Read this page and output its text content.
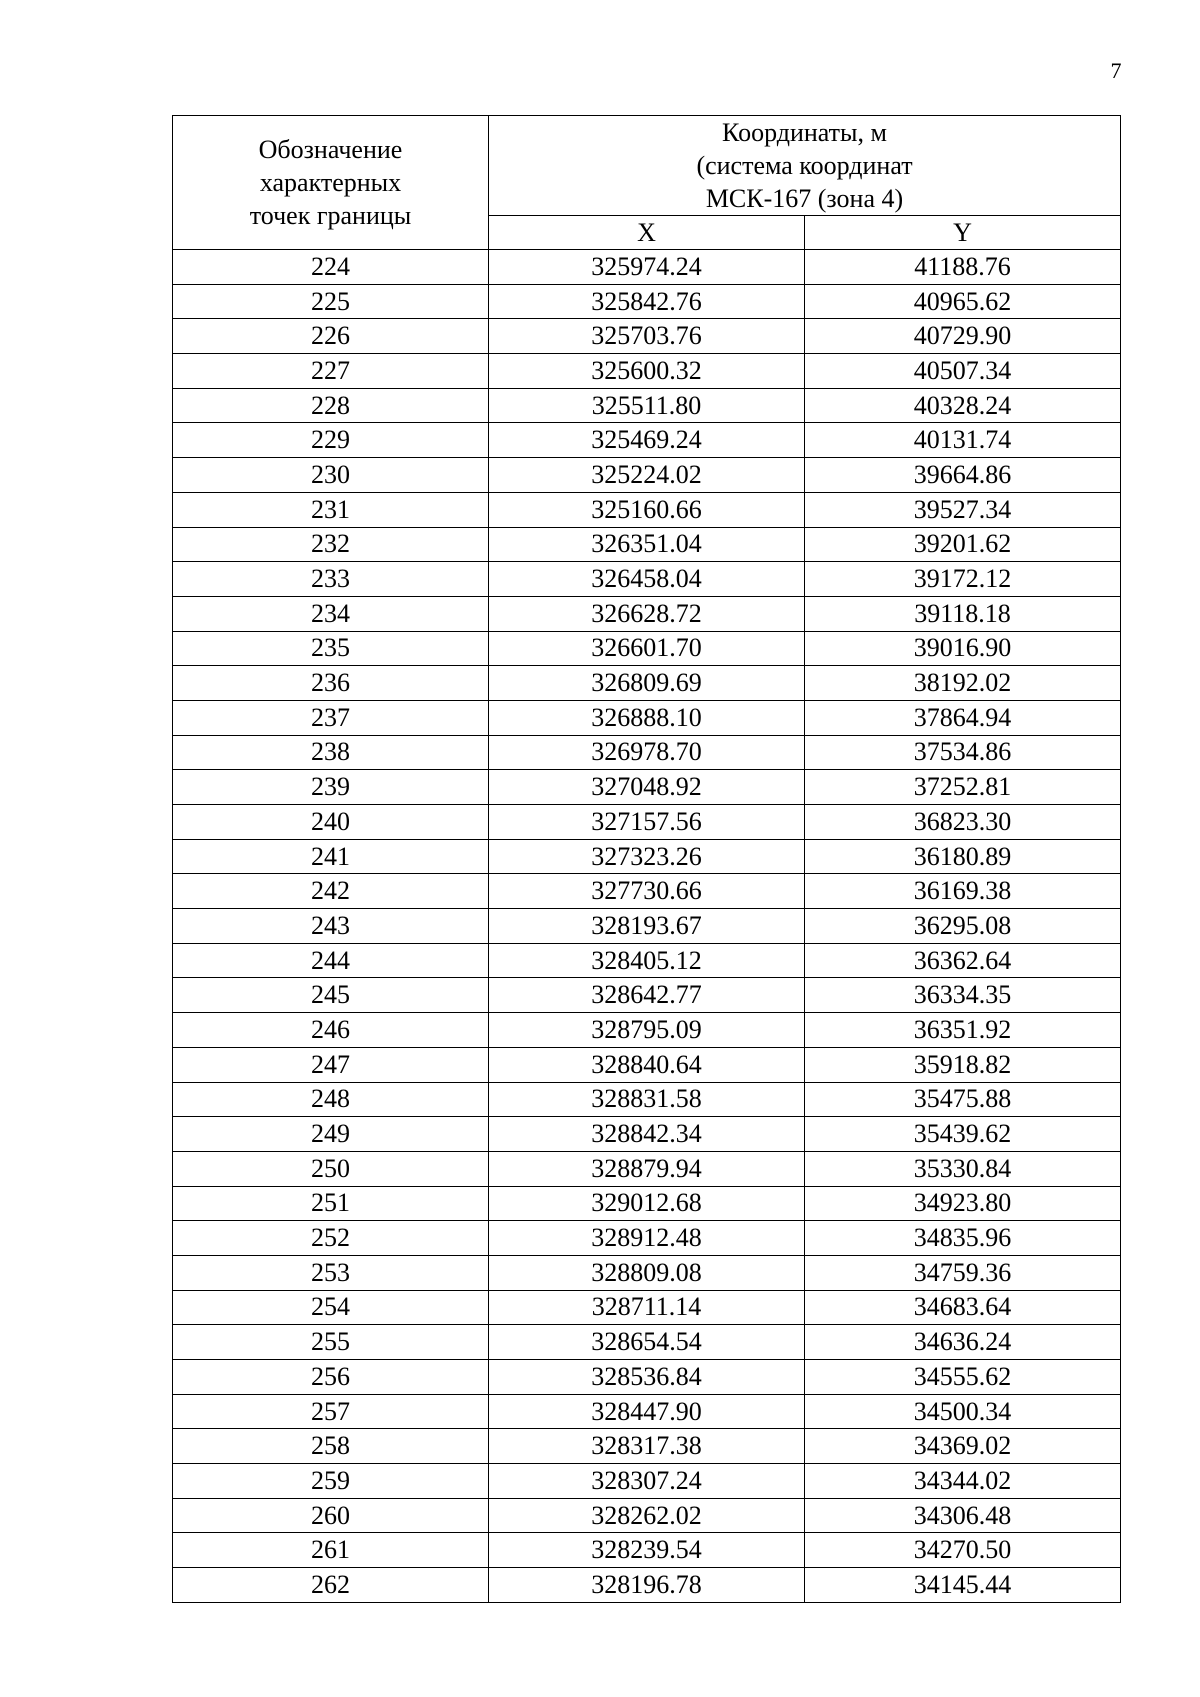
7
Обозначение
характерных
точек границы	Координаты, м
(система координат
МСК-167 (зона 4)	

	X	Y
224	325974.24	41188.76
225	325842.76	40965.62
226	325703.76	40729.90
227	325600.32	40507.34
228	325511.80	40328.24
229	325469.24	40131.74
230	325224.02	39664.86
231	325160.66	39527.34
232	326351.04	39201.62
233	326458.04	39172.12
234	326628.72	39118.18
235	326601.70	39016.90
236	326809.69	38192.02
237	326888.10	37864.94
238	326978.70	37534.86
239	327048.92	37252.81
240	327157.56	36823.30
241	327323.26	36180.89
242	327730.66	36169.38
243	328193.67	36295.08
244	328405.12	36362.64
245	328642.77	36334.35
246	328795.09	36351.92
247	328840.64	35918.82
248	328831.58	35475.88
249	328842.34	35439.62
250	328879.94	35330.84
251	329012.68	34923.80
252	328912.48	34835.96
253	328809.08	34759.36
254	328711.14	34683.64
255	328654.54	34636.24
256	328536.84	34555.62
257	328447.90	34500.34
258	328317.38	34369.02
259	328307.24	34344.02
260	328262.02	34306.48
261	328239.54	34270.50
262	328196.78	34145.44
